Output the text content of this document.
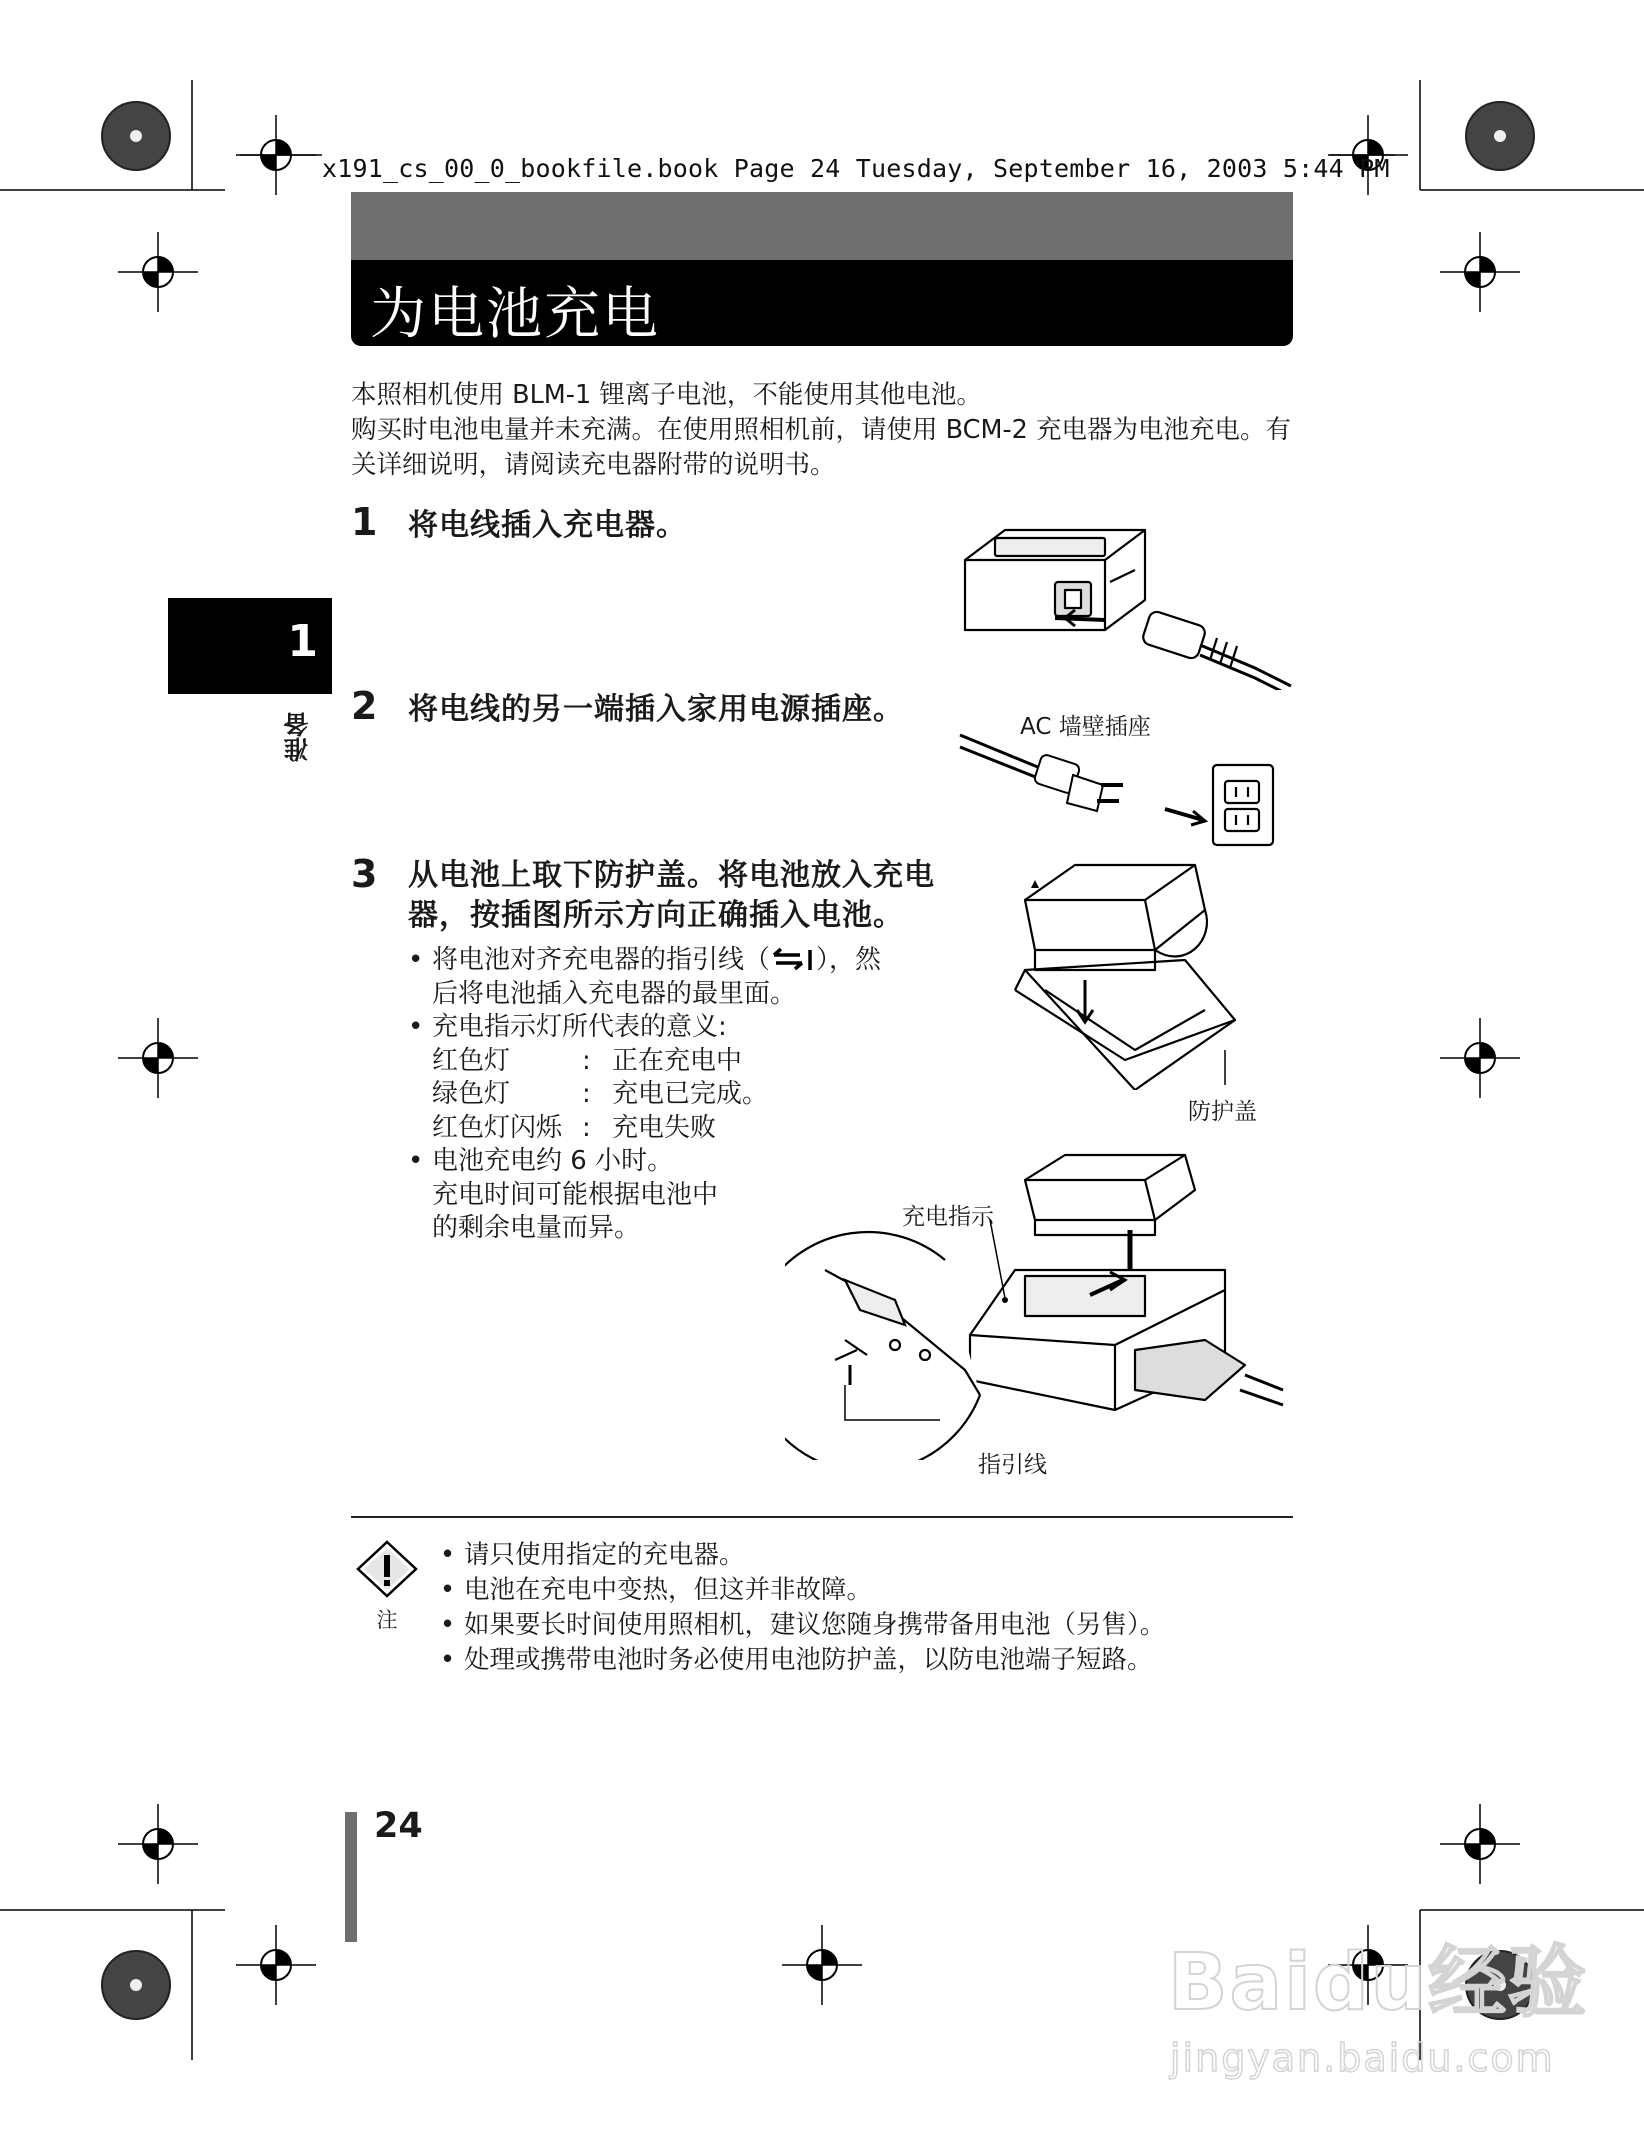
x191_cs_00_0_bookfile.book Page 24 Tuesday, September 16, 2003 5:44 PM
为电池充电

本照相机使用 BLM-1 锂离子电池，不能使用其他电池。

购买时电池电量并未充满。在使用照相机前，请使用 BCM-2 充电器为电池充电。有关详细说明，请阅读充电器附带的说明书。

1
准备
1 将电线插入充电器。
2 将电线的另一端插入家用电源插座。
3 从电池上取下防护盖。将电池放入充电
器，按插图所示方向正确插入电池。
• 将电池对齐充电器的指引线（ ），然
后将电池插入充电器的最里面。
• 充电指示灯所代表的意义:
红色灯	: 正在充电中
绿色灯	: 充电已完成。
红色灯闪烁 : 充电失败
• 电池充电约 6 小时。
充电时间可能根据电池中
的剩余电量而异。
AC 墙壁插座
防护盖
充电指示
指引线
注
• 请只使用指定的充电器。
• 电池在充电中变热，但这并非故障。
• 如果要长时间使用照相机，建议您随身携带备用电池（另售）。
• 处理或携带电池时务必使用电池防护盖，以防电池端子短路。
24
Baidu经验
jingyan.baidu.com
